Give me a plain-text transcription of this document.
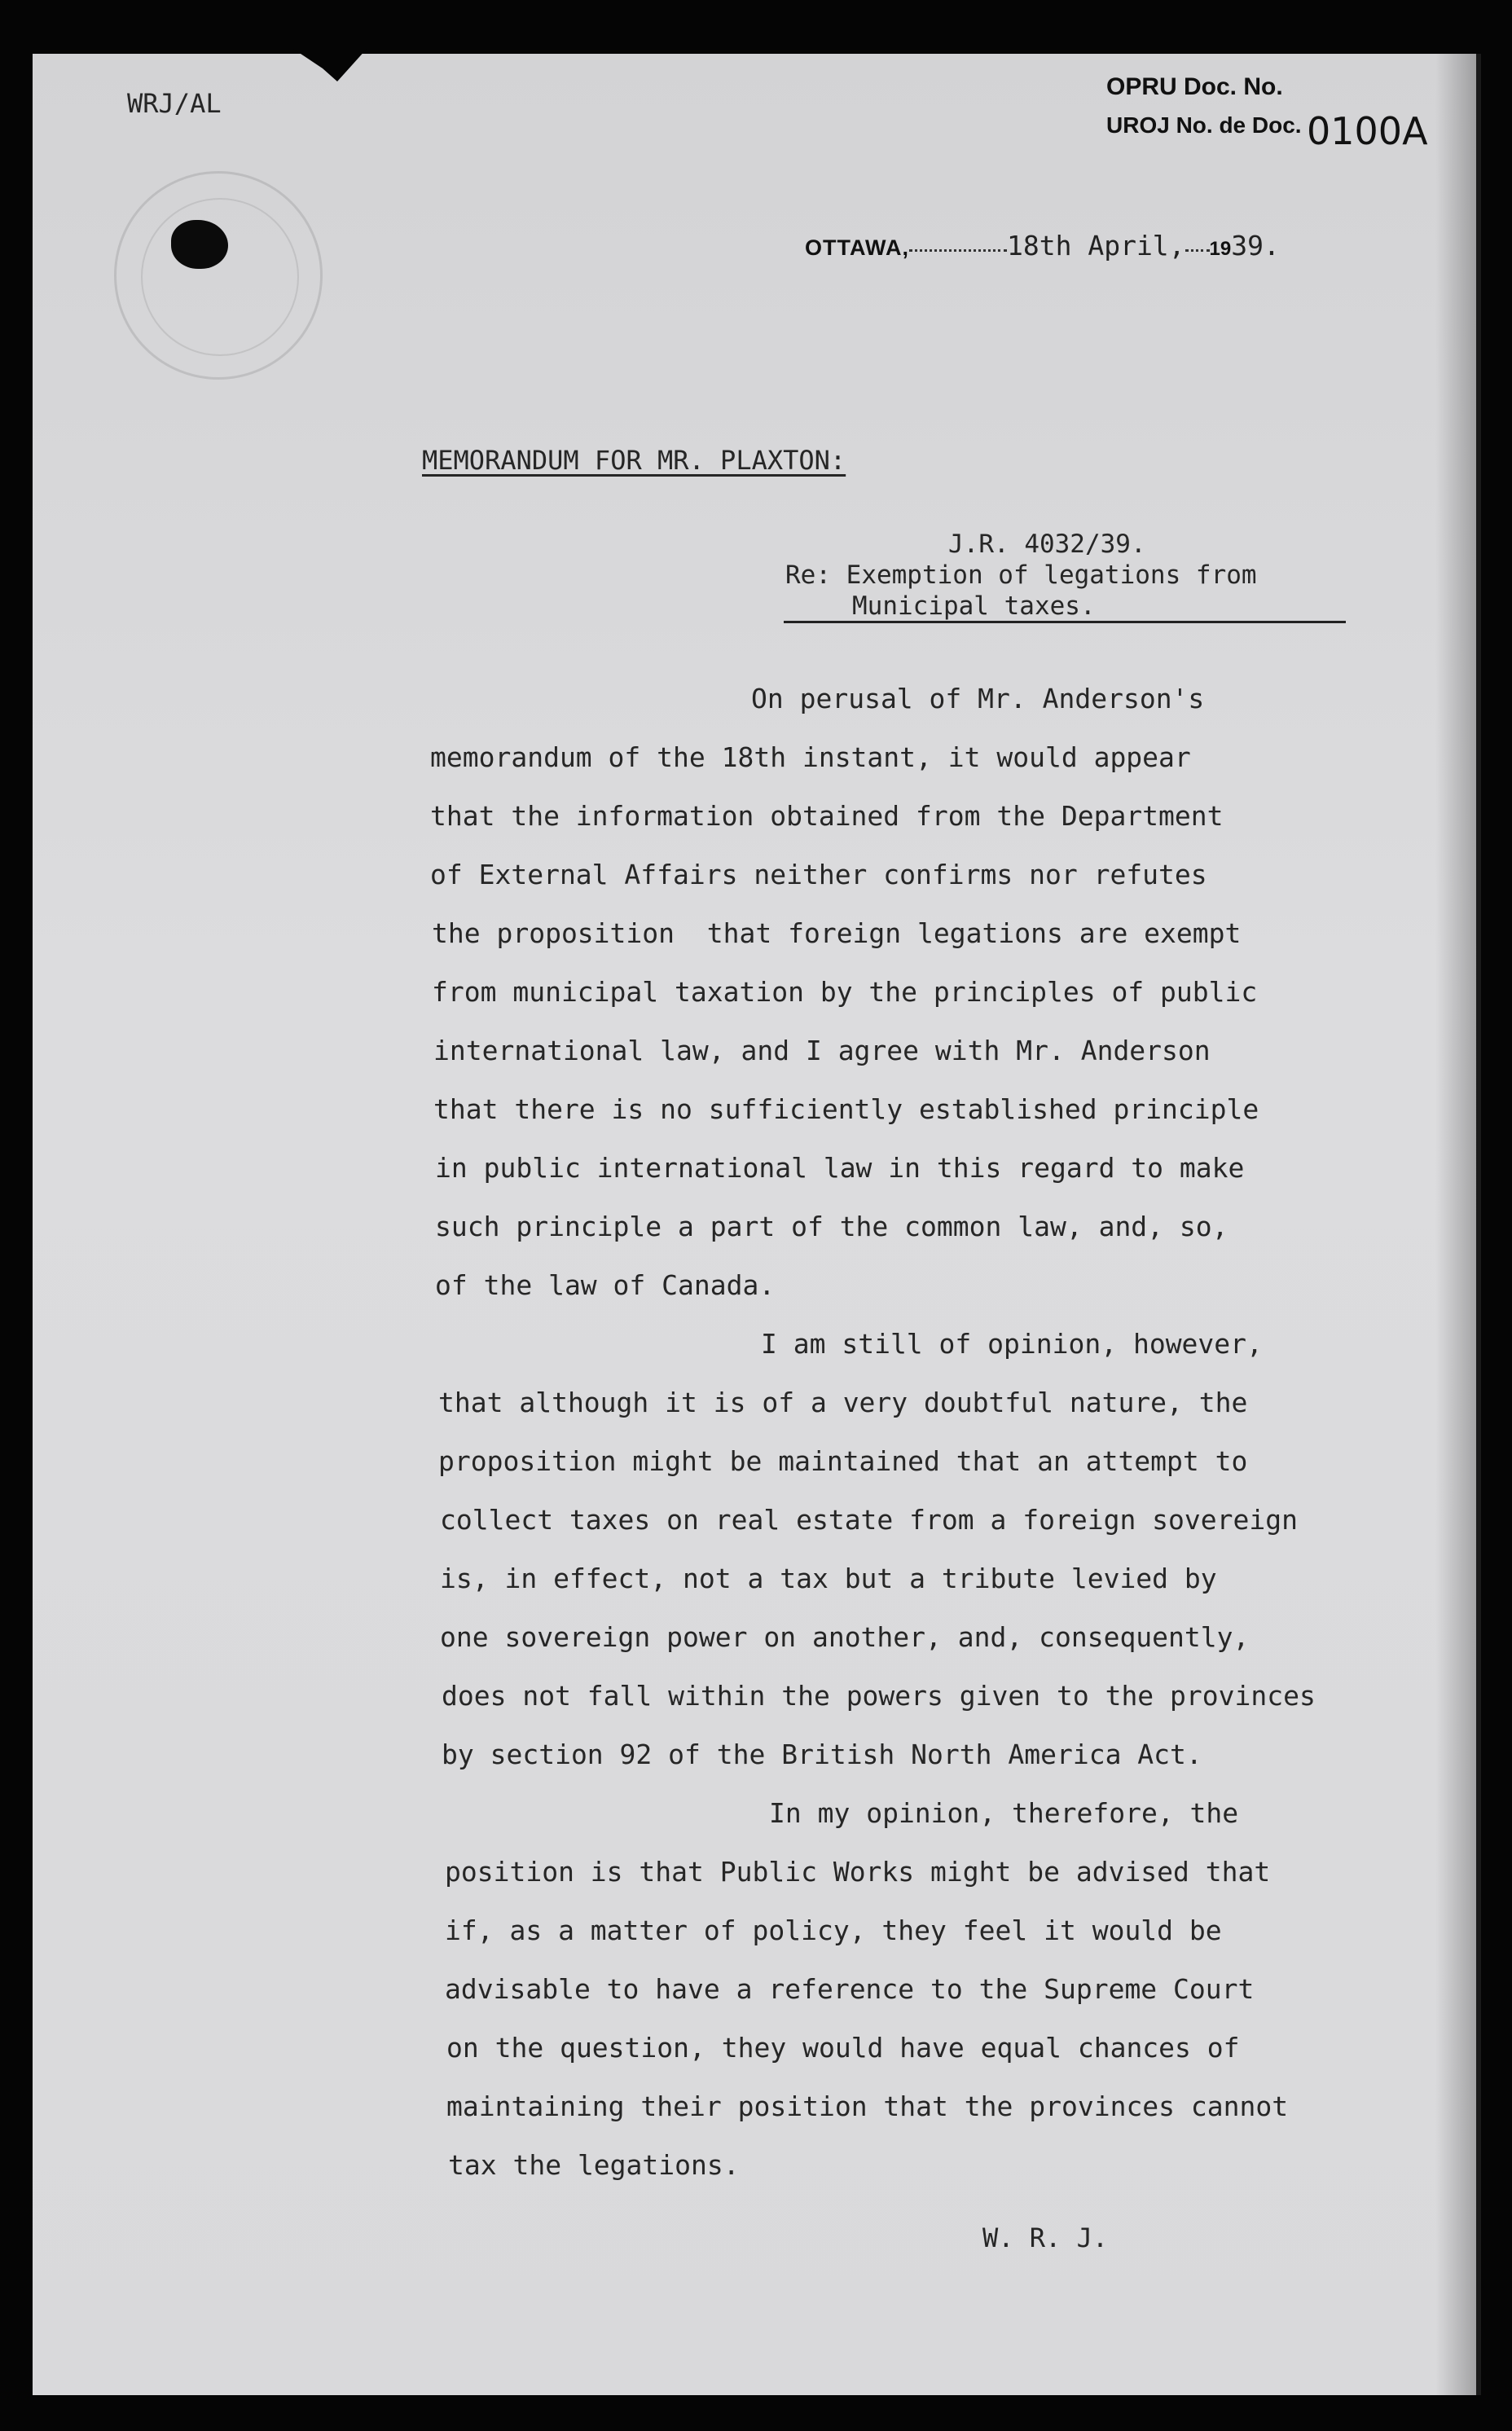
WRJ/AL
OPRU Doc. No.
UROJ No. de Doc. 0100A
OTTAWA,	18th April, 1939.
MEMORANDUM FOR MR. PLAXTON:
J.R. 4032/39.
Re: Exemption of legations from
Municipal taxes.
On perusal of Mr. Anderson's
memorandum of the 18th instant, it would appear
that the information obtained from the Department
of External Affairs neither confirms nor refutes
the proposition  that foreign legations are exempt
from municipal taxation by the principles of public
international law, and I agree with Mr. Anderson
that there is no sufficiently established principle
in public international law in this regard to make
such principle a part of the common law, and, so,
of the law of Canada.
I am still of opinion, however,
that although it is of a very doubtful nature, the
proposition might be maintained that an attempt to
collect taxes on real estate from a foreign sovereign
is, in effect, not a tax but a tribute levied by
one sovereign power on another, and, consequently,
does not fall within the powers given to the provinces
by section 92 of the British North America Act.
In my opinion, therefore, the
position is that Public Works might be advised that
if, as a matter of policy, they feel it would be
advisable to have a reference to the Supreme Court
on the question, they would have equal chances of
maintaining their position that the provinces cannot
tax the legations.
W. R. J.
